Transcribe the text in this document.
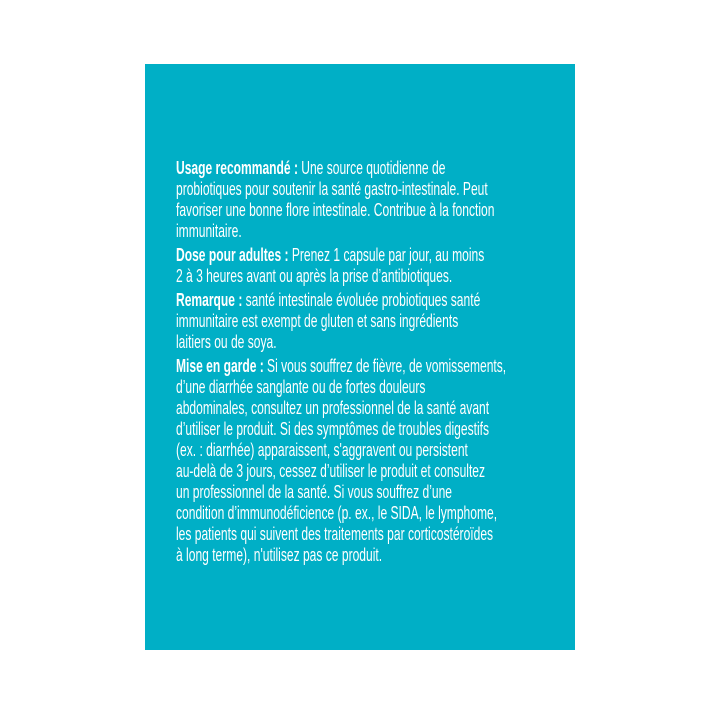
Usage recommandé : Une source quotidienne de
probiotiques pour soutenir la santé gastro-intestinale. Peut
favoriser une bonne flore intestinale. Contribue à la fonction
immunitaire.
Dose pour adultes : Prenez 1 capsule par jour, au moins
2 à 3 heures avant ou après la prise d’antibiotiques.
Remarque : santé intestinale évoluée probiotiques santé
immunitaire est exempt de gluten et sans ingrédients
laitiers ou de soya.
Mise en garde : Si vous souffrez de fièvre, de vomissements,
d’une diarrhée sanglante ou de fortes douleurs
abdominales, consultez un professionnel de la santé avant
d’utiliser le produit. Si des symptômes de troubles digestifs
(ex. : diarrhée) apparaissent, s'aggravent ou persistent
au-delà de 3 jours, cessez d’utiliser le produit et consultez
un professionnel de la santé. Si vous souffrez d’une
condition d’immunodéficience (p. ex., le SIDA, le lymphome,
les patients qui suivent des traitements par corticostéroïdes
à long terme), n'utilisez pas ce produit.
